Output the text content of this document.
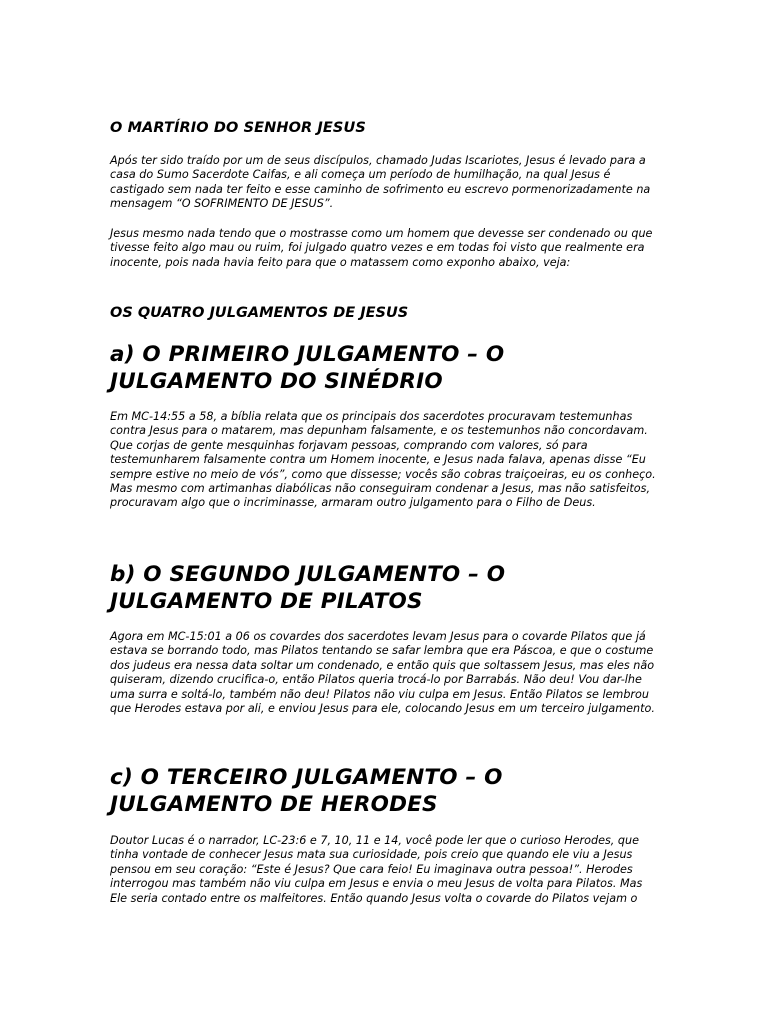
O MARTÍRIO DO SENHOR JESUS

Após ter sido traído por um de seus discípulos, chamado Judas Iscariotes, Jesus é levado para a casa do Sumo Sacerdote Caifas, e ali começa um período de humilhação, na qual Jesus é castigado sem nada ter feito e esse caminho de sofrimento eu escrevo pormenorizadamente na mensagem “O SOFRIMENTO DE JESUS”.

Jesus mesmo nada tendo que o mostrasse como um homem que devesse ser condenado ou que tivesse feito algo mau ou ruim, foi julgado quatro vezes e em todas foi visto que realmente era inocente, pois nada havia feito para que o matassem como exponho abaixo, veja:

OS QUATRO JULGAMENTOS DE JESUS
a) O PRIMEIRO JULGAMENTO – O
JULGAMENTO DO SINÉDRIO

Em MC-14:55 a 58, a bíblia relata que os principais dos sacerdotes procuravam testemunhas contra Jesus para o matarem, mas depunham falsamente, e os testemunhos não concordavam. Que corjas de gente mesquinhas forjavam pessoas, comprando com valores, só para testemunharem falsamente contra um Homem inocente, e Jesus nada falava, apenas disse “Eu sempre estive no meio de vós”, como que dissesse; vocês são cobras traiçoeiras, eu os conheço. Mas mesmo com artimanhas diabólicas não conseguiram condenar a Jesus, mas não satisfeitos, procuravam algo que o incriminasse, armaram outro julgamento para o Filho de Deus.

b) O SEGUNDO JULGAMENTO – O
JULGAMENTO DE PILATOS

Agora em MC-15:01 a 06 os covardes dos sacerdotes levam Jesus para o covarde Pilatos que já estava se borrando todo, mas Pilatos tentando se safar lembra que era Páscoa, e que o costume dos judeus era nessa data soltar um condenado, e então quis que soltassem Jesus, mas eles não quiseram, dizendo crucifica-o, então Pilatos queria trocá-lo por Barrabás. Não deu! Vou dar-lhe uma surra e soltá-lo, também não deu! Pilatos não viu culpa em Jesus. Então Pilatos se lembrou que Herodes estava por ali, e enviou Jesus para ele, colocando Jesus em um terceiro julgamento.

c) O TERCEIRO JULGAMENTO – O
JULGAMENTO DE HERODES

Doutor Lucas é o narrador, LC-23:6 e 7, 10, 11 e 14, você pode ler que o curioso Herodes, que tinha vontade de conhecer Jesus mata sua curiosidade, pois creio que quando ele viu a Jesus pensou em seu coração: “Este é Jesus? Que cara feio! Eu imaginava outra pessoa!”. Herodes interrogou mas também não viu culpa em Jesus e envia o meu Jesus de volta para Pilatos. Mas Ele seria contado entre os malfeitores. Então quando Jesus volta o covarde do Pilatos vejam o
